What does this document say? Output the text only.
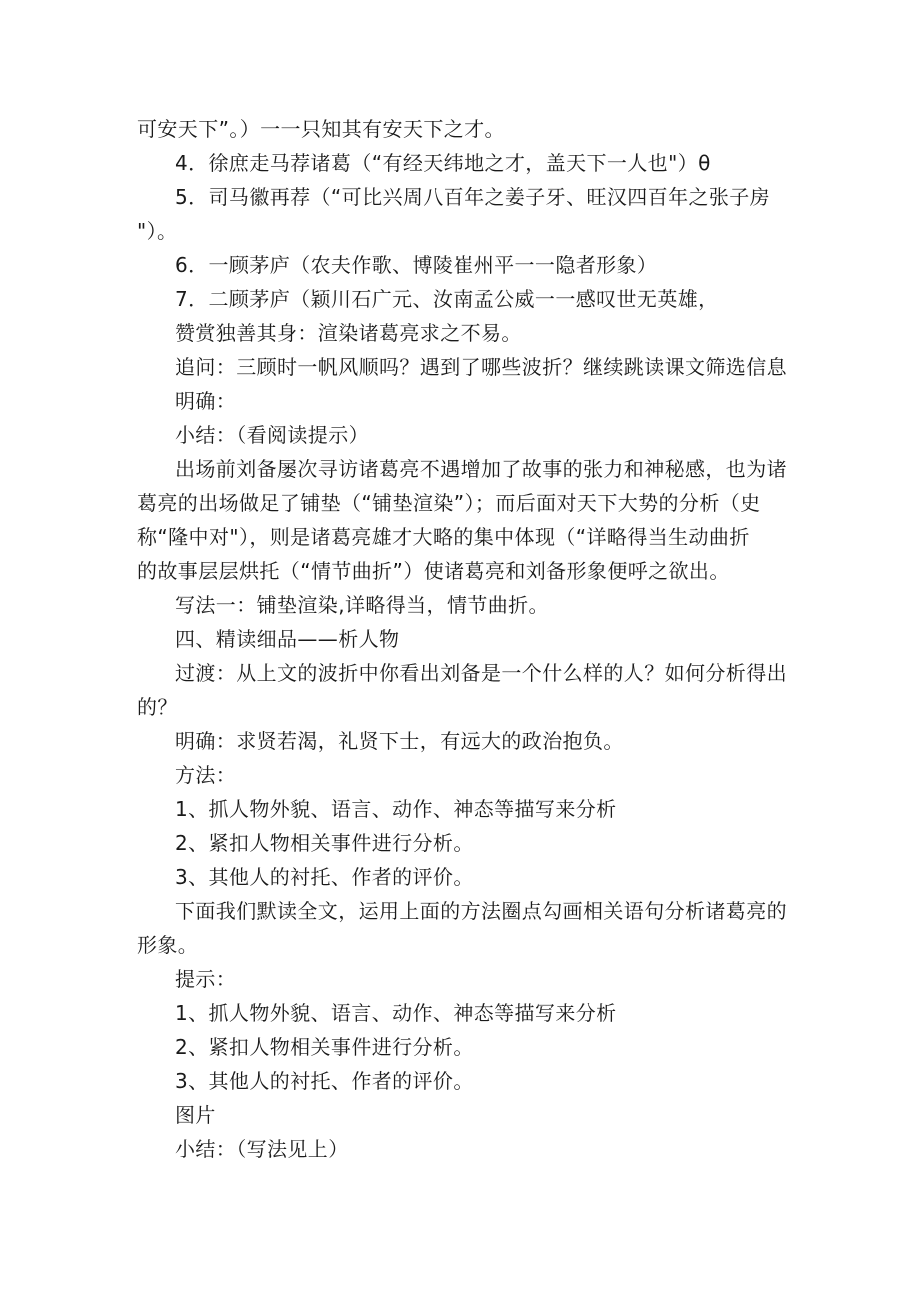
可安天下”。）一一只知其有安天下之才。
4．徐庶走马荐诸葛（“有经天纬地之才，盖天下一人也"）θ
5．司马徽再荐（“可比兴周八百年之姜子牙、旺汉四百年之张子房
"）。
6．一顾茅庐（农夫作歌、博陵崔州平一一隐者形象）
7．二顾茅庐（颖川石广元、汝南孟公威一一感叹世无英雄，
赞赏独善其身：渲染诸葛亮求之不易。
追问：三顾时一帆风顺吗？遇到了哪些波折？继续跳读课文筛选信息
明确：
小结：（看阅读提示）
出场前刘备屡次寻访诸葛亮不遇增加了故事的张力和神秘感，也为诸
葛亮的出场做足了铺垫（“铺垫渲染”）；而后面对天下大势的分析（史
称“隆中对"），则是诸葛亮雄才大略的集中体现（“详略得当生动曲折
的故事层层烘托（“情节曲折”）使诸葛亮和刘备形象便呼之欲出。
写法一：铺垫渲染,详略得当，情节曲折。
四、精读细品——析人物
过渡：从上文的波折中你看出刘备是一个什么样的人？如何分析得出
的？
明确：求贤若渴，礼贤下士，有远大的政治抱负。
方法：
1、抓人物外貌、语言、动作、神态等描写来分析
2、紧扣人物相关事件进行分析。
3、其他人的衬托、作者的评价。
下面我们默读全文，运用上面的方法圈点勾画相关语句分析诸葛亮的
形象。
提示：
1、抓人物外貌、语言、动作、神态等描写来分析
2、紧扣人物相关事件进行分析。
3、其他人的衬托、作者的评价。
图片
小结：（写法见上）
